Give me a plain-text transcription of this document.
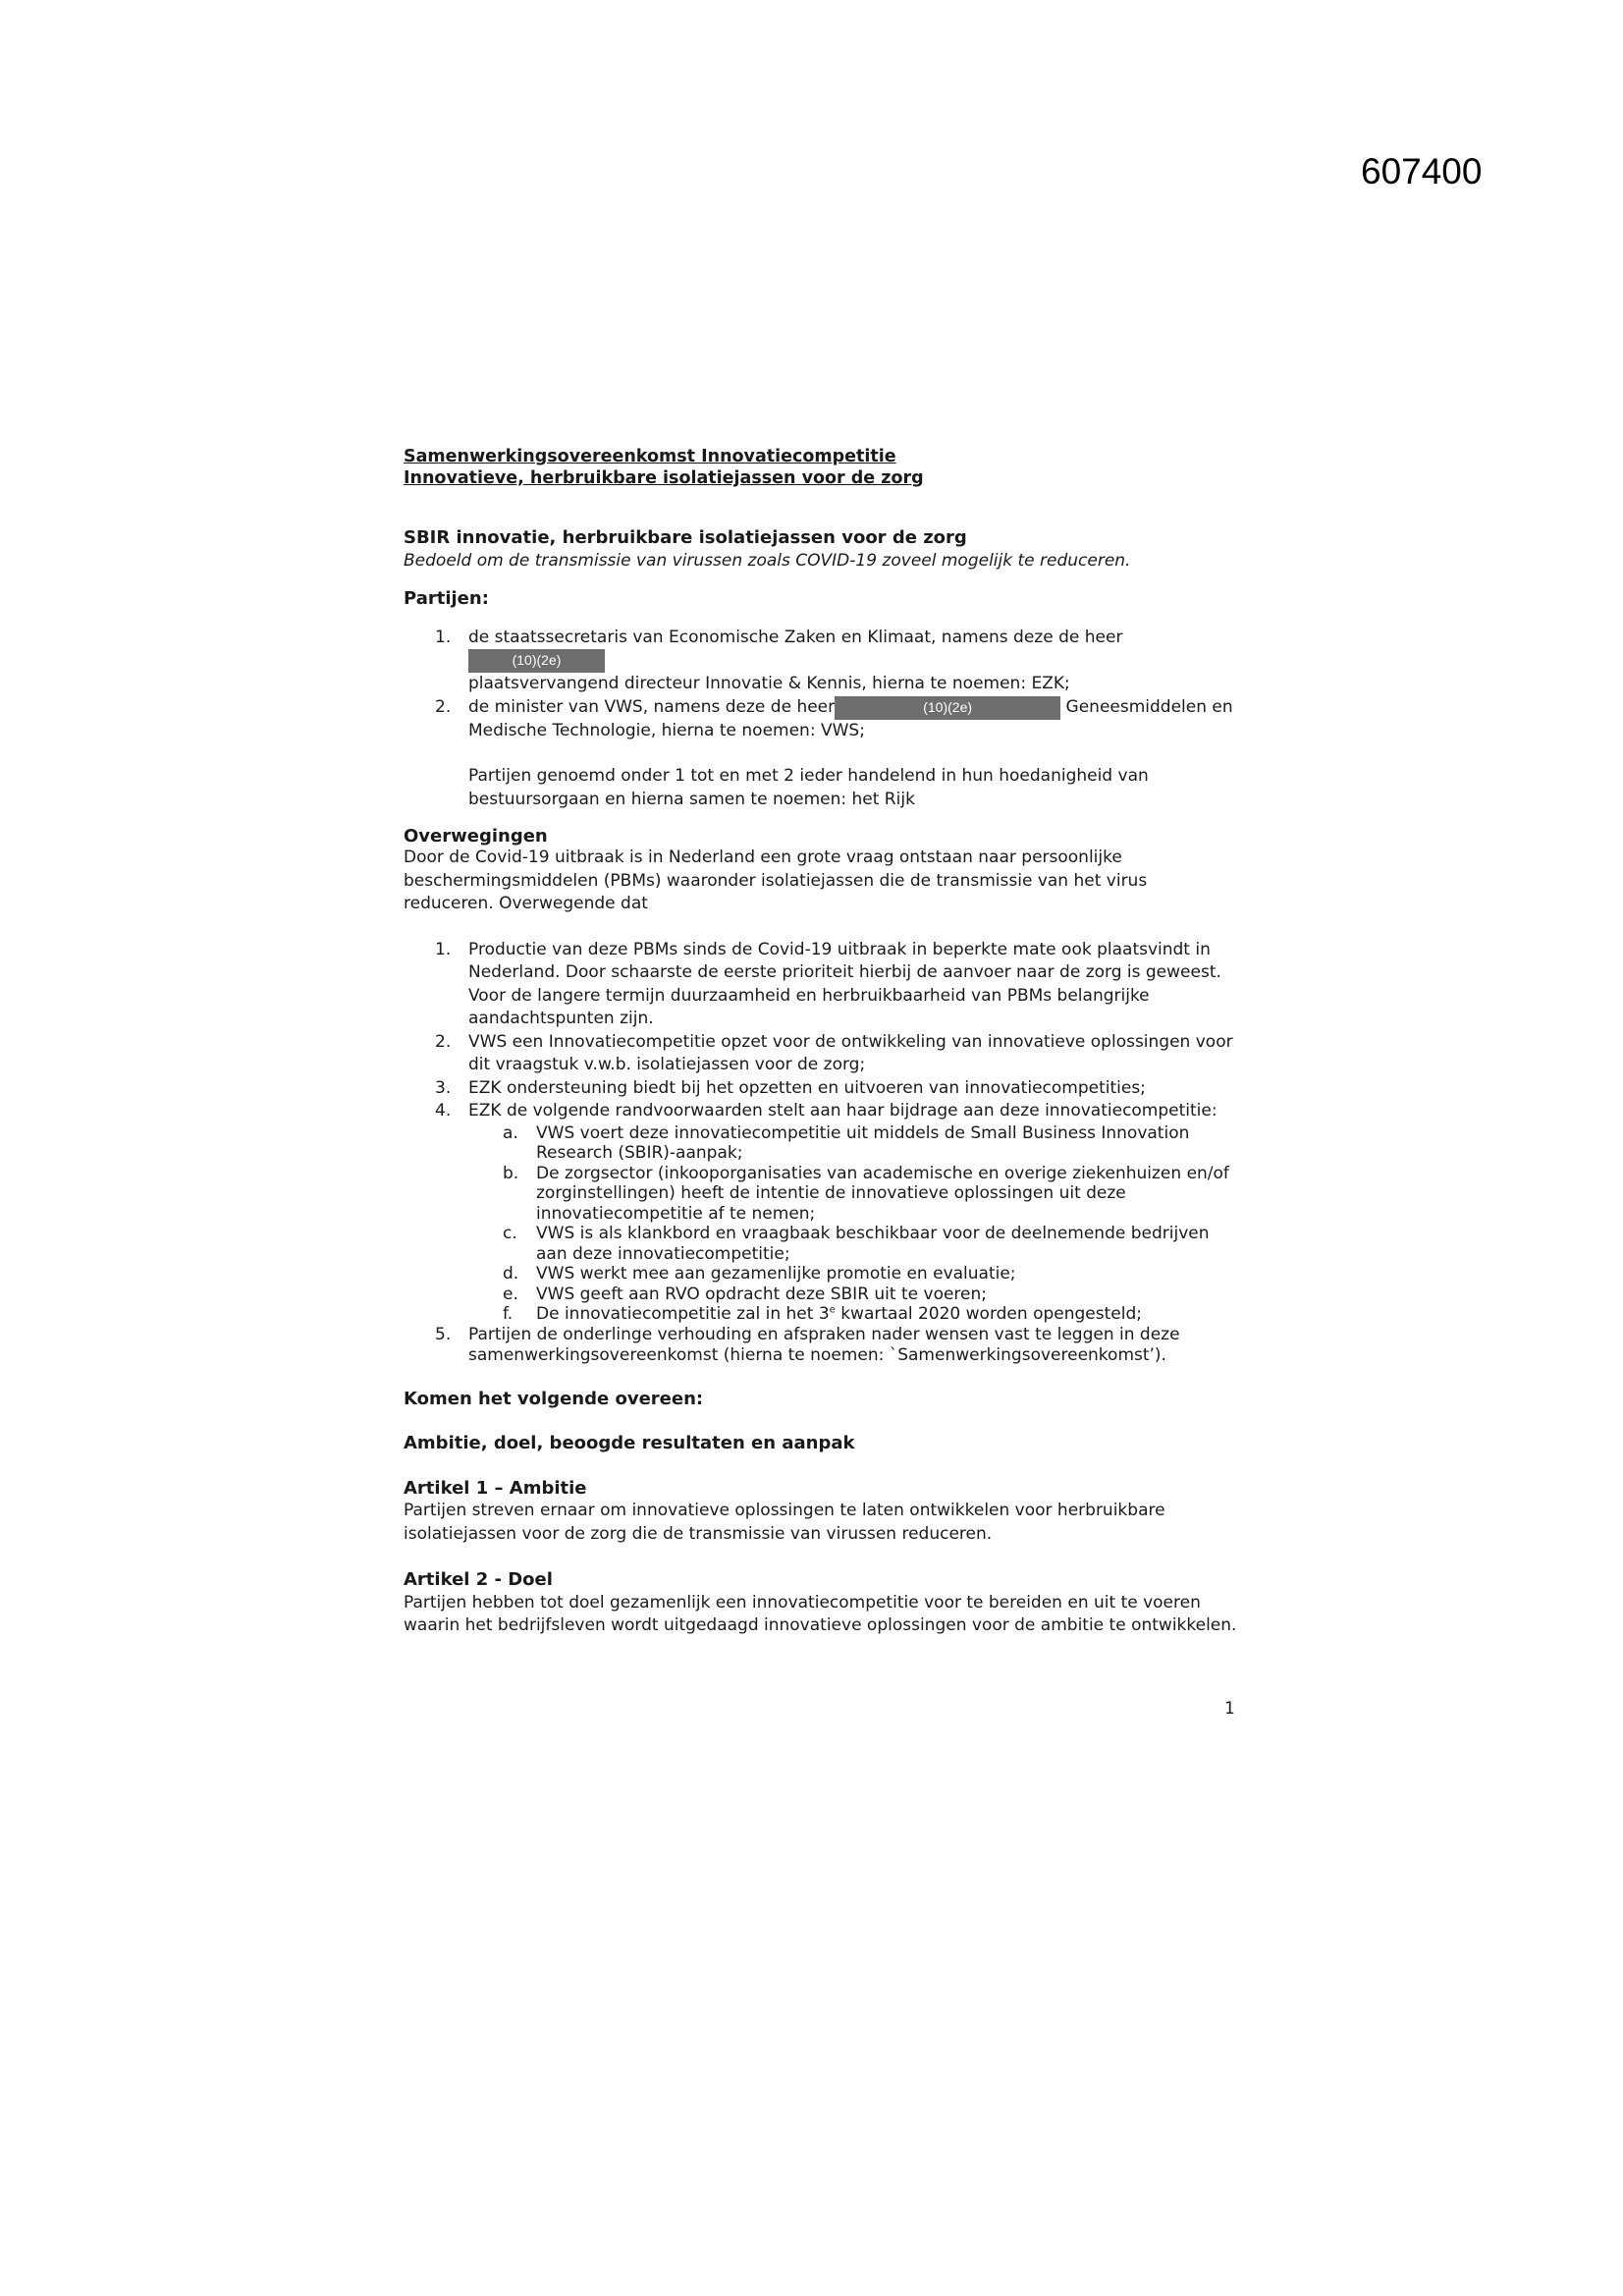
607400
Samenwerkingsovereenkomst Innovatiecompetitie
Innovatieve, herbruikbare isolatiejassen voor de zorg
SBIR innovatie, herbruikbare isolatiejassen voor de zorg
Bedoeld om de transmissie van virussen zoals COVID-19 zoveel mogelijk te reduceren.
Partijen:
1. de staatssecretaris van Economische Zaken en Klimaat, namens deze de heer(10)(2e)
plaatsvervangend directeur Innovatie & Kennis, hierna te noemen: EZK;
2. de minister van VWS, namens deze de heer	(10)(2e)	Geneesmiddelen en
Medische Technologie, hierna te noemen: VWS;
Partijen genoemd onder 1 tot en met 2 ieder handelend in hun hoedanigheid van
bestuursorgaan en hierna samen te noemen: het Rijk
Overwegingen
Door de Covid-19 uitbraak is in Nederland een grote vraag ontstaan naar persoonlijke
beschermingsmiddelen (PBMs) waaronder isolatiejassen die de transmissie van het virus
reduceren. Overwegende dat
1. Productie van deze PBMs sinds de Covid-19 uitbraak in beperkte mate ook plaatsvindt in
Nederland. Door schaarste de eerste prioriteit hierbij de aanvoer naar de zorg is geweest.
Voor de langere termijn duurzaamheid en herbruikbaarheid van PBMs belangrijke
aandachtspunten zijn.
2. VWS een Innovatiecompetitie opzet voor de ontwikkeling van innovatieve oplossingen voor
dit vraagstuk v.w.b. isolatiejassen voor de zorg;
3. EZK ondersteuning biedt bij het opzetten en uitvoeren van innovatiecompetities;
4. EZK de volgende randvoorwaarden stelt aan haar bijdrage aan deze innovatiecompetitie:
a. VWS voert deze innovatiecompetitie uit middels de Small Business Innovation
Research (SBIR)-aanpak;
b. De zorgsector (inkooporganisaties van academische en overige ziekenhuizen en/of
zorginstellingen) heeft de intentie de innovatieve oplossingen uit deze
innovatiecompetitie af te nemen;
c. VWS is als klankbord en vraagbaak beschikbaar voor de deelnemende bedrijven
aan deze innovatiecompetitie;
d. VWS werkt mee aan gezamenlijke promotie en evaluatie;
e. VWS geeft aan RVO opdracht deze SBIR uit te voeren;
f. De innovatiecompetitie zal in het 3e kwartaal 2020 worden opengesteld;
5. Partijen de onderlinge verhouding en afspraken nader wensen vast te leggen in deze
samenwerkingsovereenkomst (hierna te noemen: `Samenwerkingsovereenkomst’).
Komen het volgende overeen:
Ambitie, doel, beoogde resultaten en aanpak
Artikel 1 – Ambitie
Partijen streven ernaar om innovatieve oplossingen te laten ontwikkelen voor herbruikbare
isolatiejassen voor de zorg die de transmissie van virussen reduceren.
Artikel 2 - Doel
Partijen hebben tot doel gezamenlijk een innovatiecompetitie voor te bereiden en uit te voeren
waarin het bedrijfsleven wordt uitgedaagd innovatieve oplossingen voor de ambitie te ontwikkelen.
1
